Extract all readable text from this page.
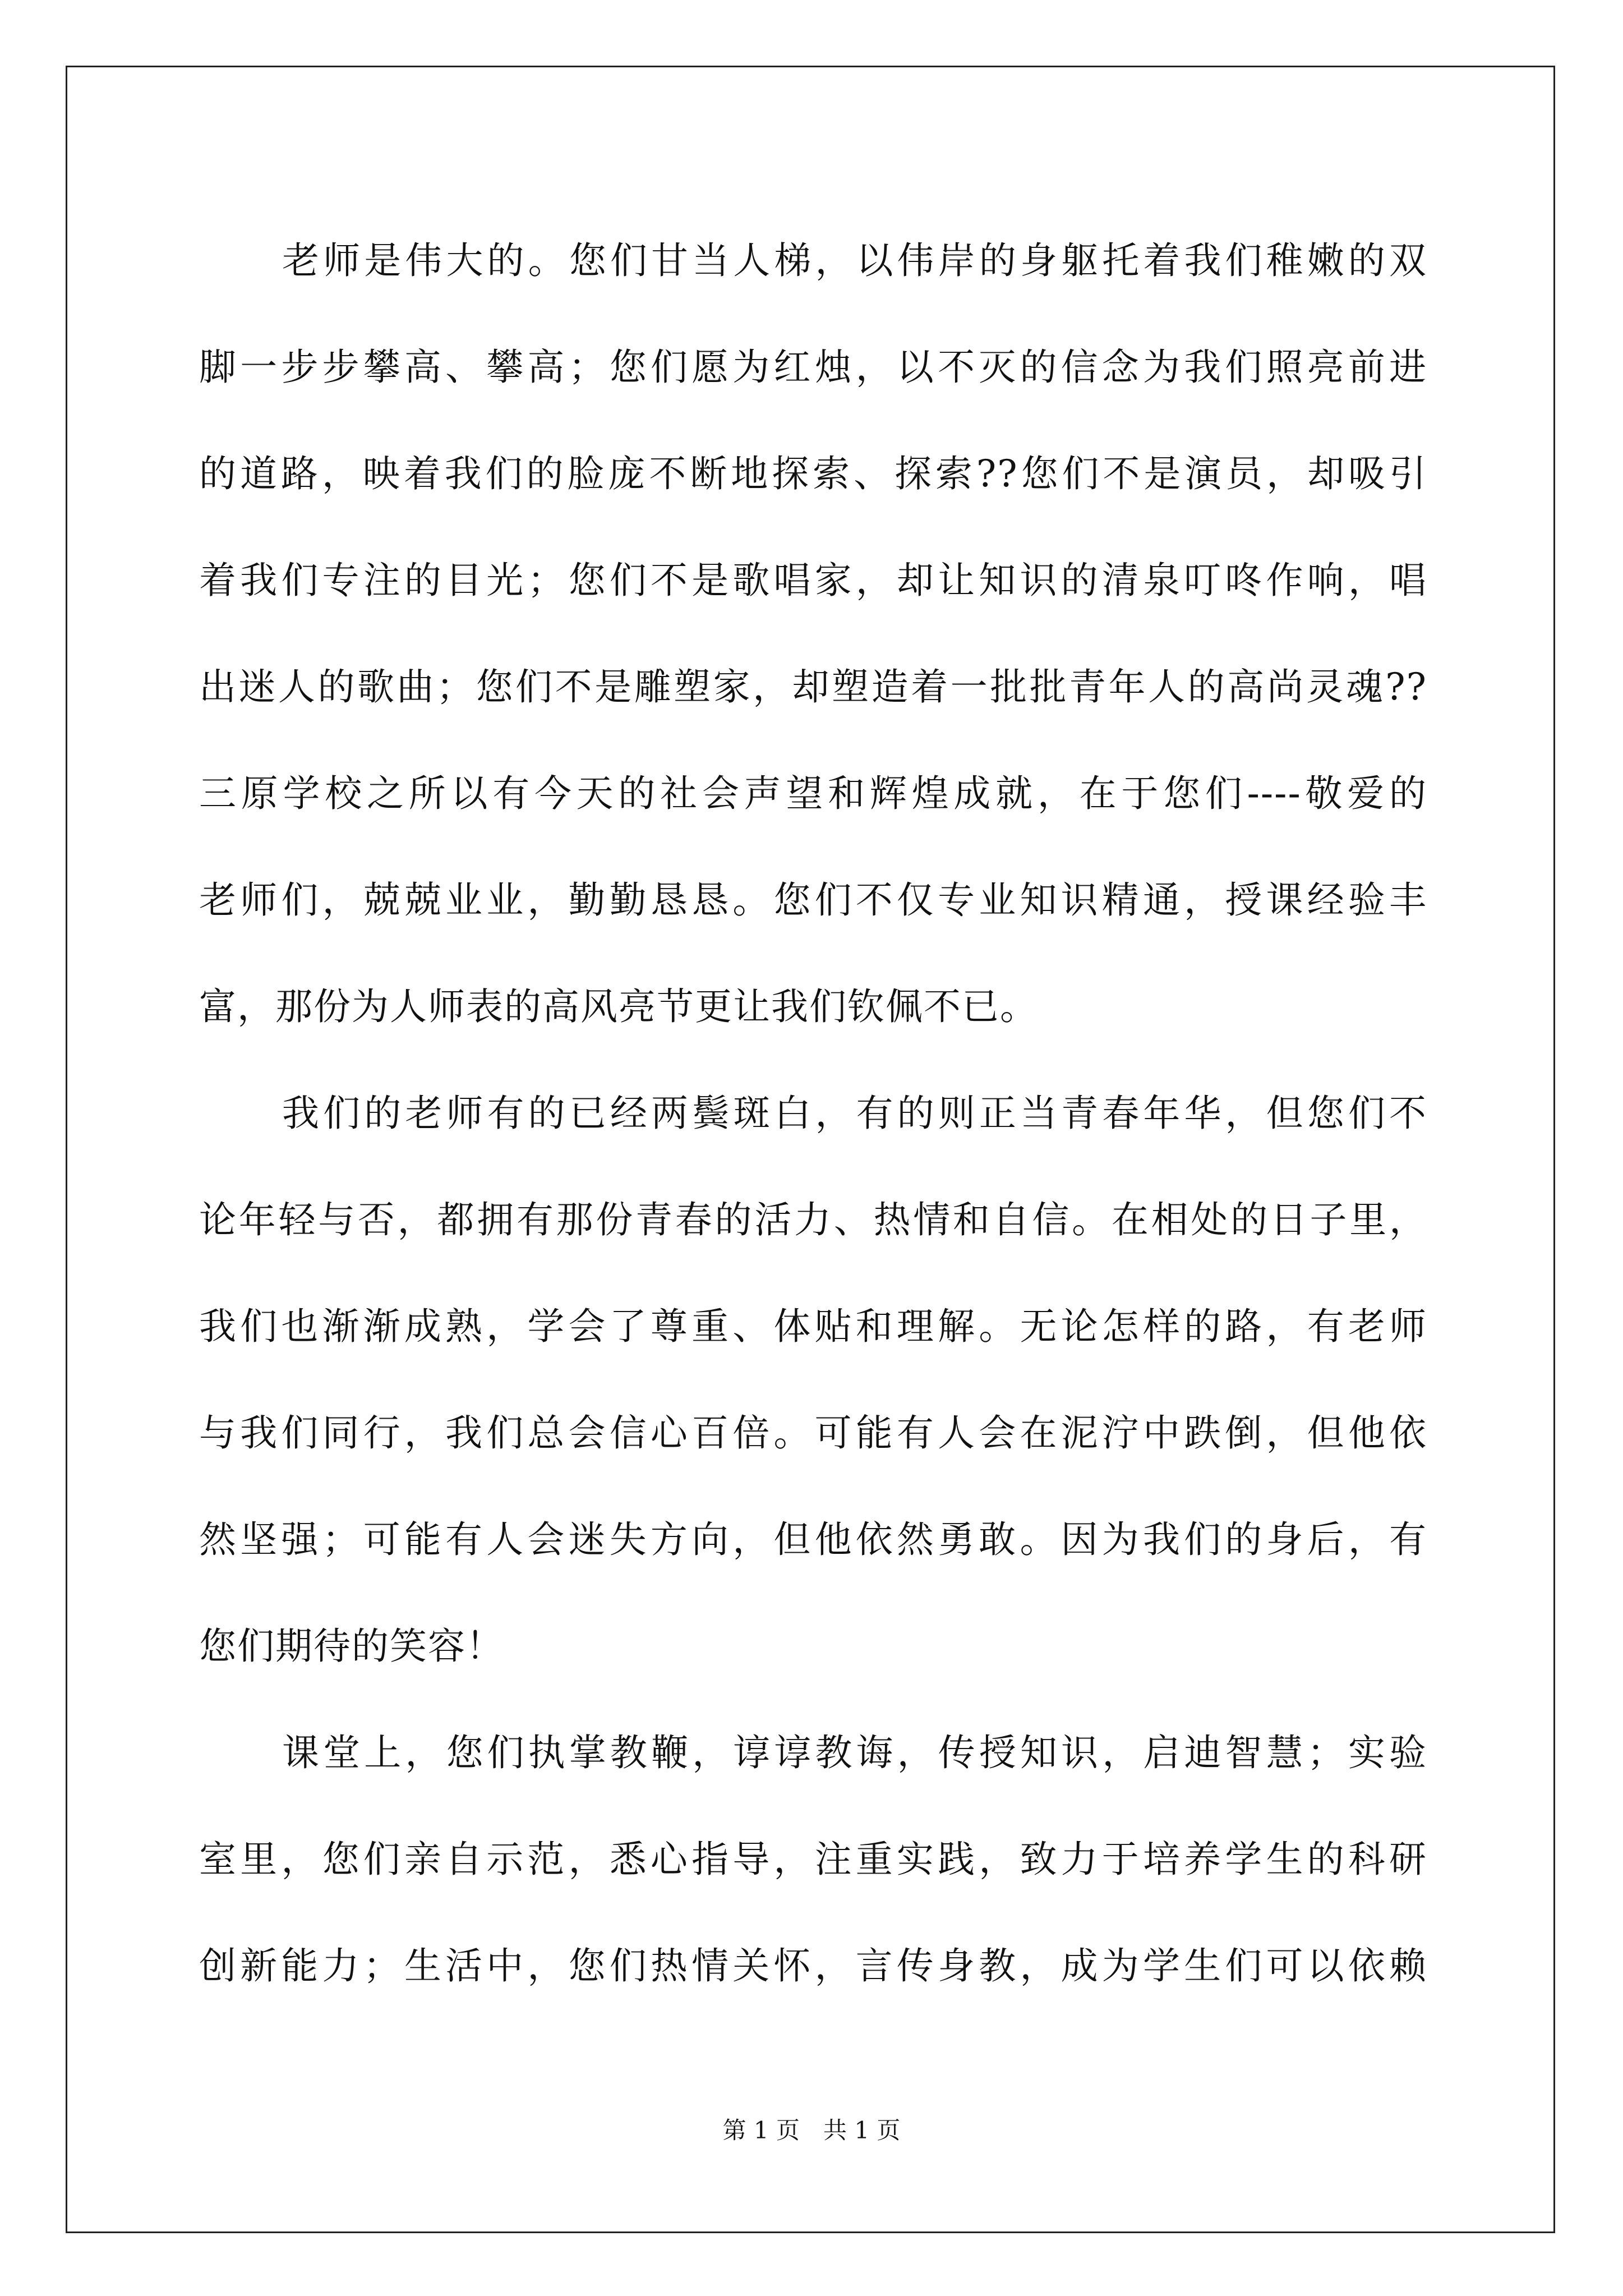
老师是伟大的。您们甘当人梯，以伟岸的身躯托着我们稚嫩的双
脚一步步攀高、攀高；您们愿为红烛，以不灭的信念为我们照亮前进
的道路，映着我们的脸庞不断地探索、探索??您们不是演员，却吸引
着我们专注的目光；您们不是歌唱家，却让知识的清泉叮咚作响，唱
出迷人的歌曲；您们不是雕塑家，却塑造着一批批青年人的高尚灵魂??
三原学校之所以有今天的社会声望和辉煌成就，在于您们----敬爱的
老师们，兢兢业业，勤勤恳恳。您们不仅专业知识精通，授课经验丰
富，那份为人师表的高风亮节更让我们钦佩不已。
我们的老师有的已经两鬓斑白，有的则正当青春年华，但您们不
论年轻与否，都拥有那份青春的活力、热情和自信。在相处的日子里，
我们也渐渐成熟，学会了尊重、体贴和理解。无论怎样的路，有老师
与我们同行，我们总会信心百倍。可能有人会在泥泞中跌倒，但他依
然坚强；可能有人会迷失方向，但他依然勇敢。因为我们的身后，有
您们期待的笑容！
课堂上，您们执掌教鞭，谆谆教诲，传授知识，启迪智慧；实验
室里，您们亲自示范，悉心指导，注重实践，致力于培养学生的科研
创新能力；生活中，您们热情关怀，言传身教，成为学生们可以依赖
第 1 页　共 1 页
